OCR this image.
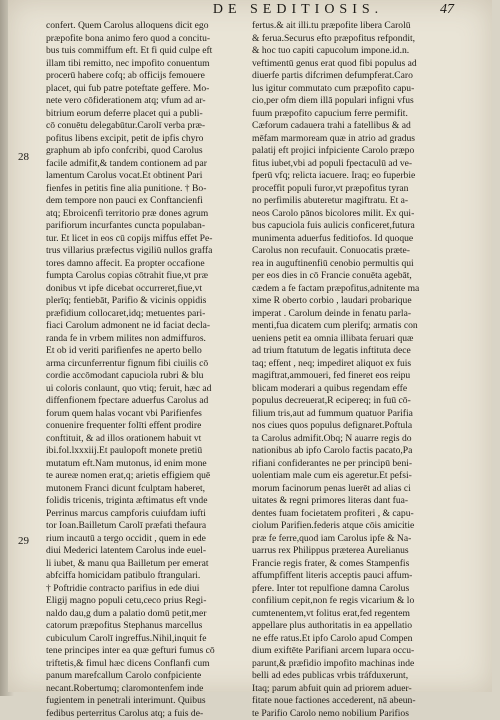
DE SEDITIOSIS.	47
28
29
confert. Quem Carolus alloquens dicit ego
præpofite bona animo fero quod a concitu-
bus tuis commiffum eft. Et fi quid culpe eft
illam tibi remitto, nec impofito conuentum
procerū habere cofq; ab officijs femouere
placet, qui fub patre poteftate geffere. Mo-
nete vero cōfiderationem atq; vfum ad ar-
bitrium eorum deferre placet qui a publi-
cō conuētu delegabūtur.Carolī verba præ-
pofitus libens excipit, petit de ipfis chyro
graphum ab ipfo confcribi, quod Carolus
facile admifit,& tandem contionem ad par
lamentum Carolus vocat.Et obtinent Pari
fienfes in petitis fine alia punitione. † Bo-
dem tempore non pauci ex Conftancienfi
atq; Ebroicenfi territorio præ dones agrum
parifiorum incurfantes cuncta populaban-
tur. Et licet in eos cū copijs miffus effet Pe-
trus villarius præfectus vigiliū nullos graffa
tores damno affecit. Ea propter occafione
fumpta Carolus copias cōtrahit fiue,vt præ
donibus vt ipfe dicebat occurreret,fiue,vt
plerīq; fentiebāt, Parifio & vicinis oppidis
præfidium collocaret,idq; metuentes pari-
fiaci Carolum admonent ne id faciat decla-
randa fe in vrbem milites non admiffuros.
Et ob id veriti parifienfes ne aperto bello
arma circunferrentur fignum fibi ciuilis cō
cordie accōmodant capuciola rubri & blu
ui coloris conlaunt, quo vtiq; feruit, hæc ad
diffenfionem fpectare aduerfus Carolus ad
forum quem halas vocant vbi Parifienfes
conuenire frequenter folīti effent prodire
conftituit, & ad illos orationem habuit vt
ibi.fol.lxxxiij.Et paulopoft monete pretiū
mutatum eft.Nam mutonus, id enim mone
te aureæ nomen erat,q; arietis effigiem quē
mutonem Franci dicunt fculptam haberet,
folidis tricenis, triginta æftimatus eft vnde
Perrinus marcus campforis cuiufdam iufti
tor Ioan.Bailletum Carolī præfati thefaura
rium incautū a tergo occidit , quem in ede
diui Mederici latentem Carolus inde euel-
li iubet, & manu qua Bailletum per emerat
abfciffa homicidam patibulo ftrangulari.
† Poftridie contracto parifius in ede diui
Eligij magno populi cetu,ceco prius Regi-
naldo dau,g dum a palatio domū petit,mer
catorum præpofitus Stephanus marcellus
cubiculum Carolī ingreffus.Nihil,inquit fe
tene principes inter ea quæ gefturi fumus cō
triftetis,& fimul hæc dicens Conflanfi cum
panum marefcallum Carolo confpiciente
necant.Robertumq; claromontenfem inde
fugientem in penetrali interimunt. Quibus
fedibus perterritus Carolus atq; a fuis de-
fertus.& ait illi.tu præpofite libera Carolū
& ferua.Securus efto præpofitus refpondit,
& hoc tuo capiti capucolum impone.id.n.
veftimentū genus erat quod fibi populus ad
diuerfe partis difcrimen defumpferat.Caro
lus igitur commutato cum præpofito capu-
cio,per ofm diem illā populari infigni vfus
fuum præpofito capucium ferre permifit.
Cæforum cadauera trahi a fatellibus & ad
mēfam marmoream quæ in atrio ad gradus
palatij eft projici infpiciente Carolo præpo
fitus iubet,vbi ad populi fpectaculū ad ve-
fperū vfq; relicta iacuere. Iraq; eo fuperbie
proceffit populi furor,vt præpofitus tyran
no perfimilis abuteretur magiftratu. Et a-
neos Carolo pānos bicolores milit. Ex qui-
bus capuciola fuis aulicis conficeret,futura
munimenta aduerfus feditiofos. Id quoque
Carolus non recufauit. Conuocatis præte-
rea in auguftinenfiū cenobio permultis qui
per eos dies in cō Francie conuēta agebāt,
cædem a fe factam præpofitus,adnitente ma
xime R oberto corbio , laudari probarique
imperat . Carolum deinde in fenatu parla-
menti,fua dicatem cum plerifq; armatis con
ueniens petit ea omnia illibata feruari quæ
ad trium ftatutum de legatis inftituta dece
taq; effent , neq; impediret aliquot ex fuis
magiftrat,ammoueri, fed fineret eos reipu
blicam moderari a quibus regendam effe
populus decreuerat,R ecipereq; in fuū cō-
filium tris,aut ad fummum quatuor Parifia
nos ciues quos populus defignaret.Poftula
ta Carolus admifit.Obq; N auarre regis do
nationibus ab ipfo Carolo factis pacato,Pa
rifiani confiderantes ne per principū beni-
uolentiam male cum eis ageretur.Et pefsi-
morum facinorum penas luerēt ad alias ci
uitates & regni primores literas dant fua-
dentes fuam focietatem profiteri , & capu-
ciolum Parifien.federis atque cōis amicitie
præ fe ferre,quod iam Carolus ipfe & Na-
uarrus rex Philippus præterea Aurelianus
Francie regis frater, & comes Stampenfis
affumpfiffent literis acceptis pauci affum-
pfere. Inter tot repulfione damna Carolus
confilium cepit,non fe regis vicarium & lo
cumtenentem,vt folitus erat,fed regentem
appellare plus authoritatis in ea appellatio
ne effe ratus.Et ipfo Carolo apud Compen
dium exiftēte Parifiani arcem lupara occu-
parunt,& præfidio impofito machinas inde
belli ad edes publicas vrbis tráfduxerunt,
Itaq; parum abfuit quin ad priorem aduer-
fitate noue factiones accederent, nā abeun-
te Parifio Carolo nemo nobilium Parifios
